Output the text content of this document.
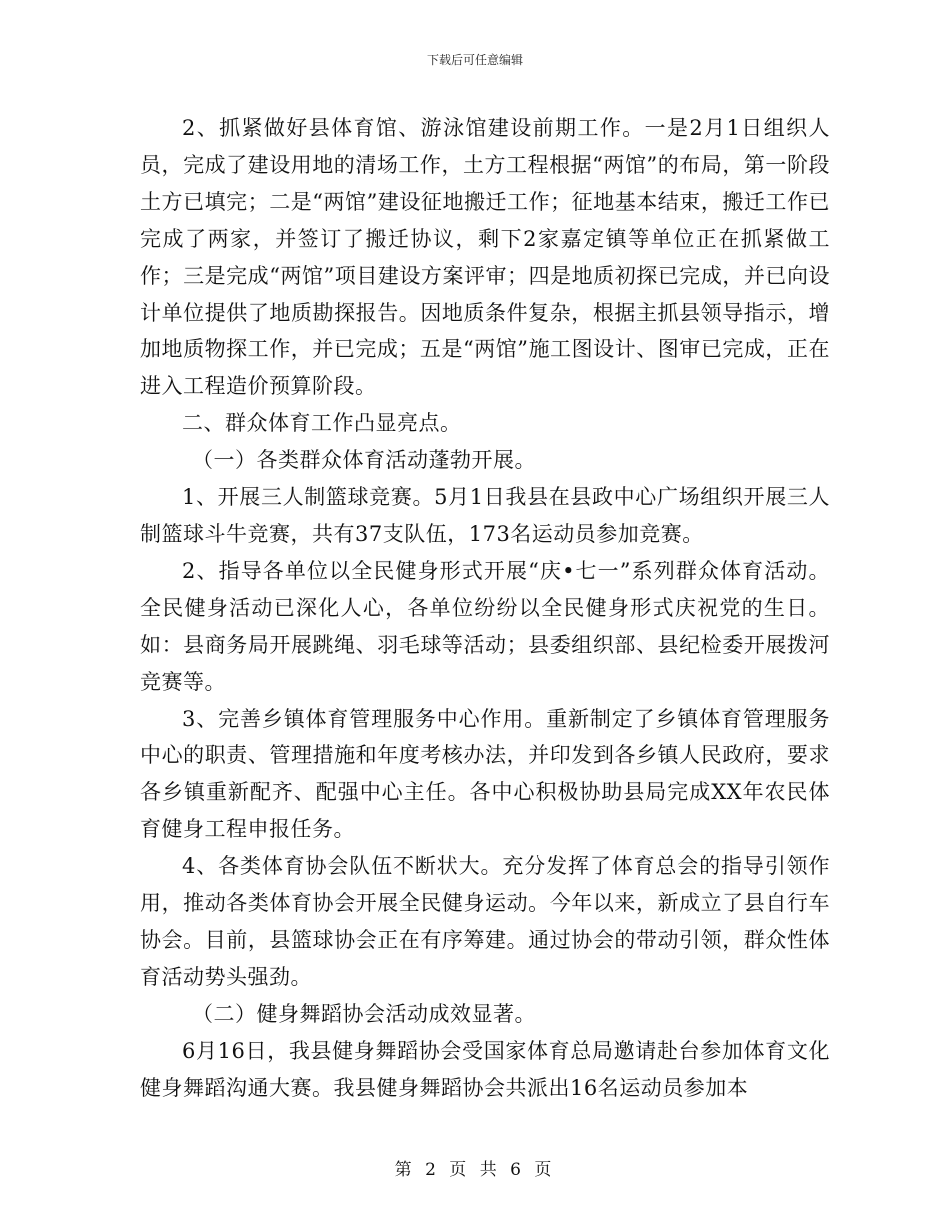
下载后可任意编辑

2、抓紧做好县体育馆、游泳馆建设前期工作。一是2月1日组织人员，完成了建设用地的清场工作，土方工程根据“两馆”的布局，第一阶段土方已填完；二是“两馆”建设征地搬迁工作；征地基本结束，搬迁工作已完成了两家，并签订了搬迁协议，剩下2家嘉定镇等单位正在抓紧做工作；三是完成“两馆”项目建设方案评审；四是地质初探已完成，并已向设计单位提供了地质勘探报告。因地质条件复杂，根据主抓县领导指示，增加地质物探工作，并已完成；五是“两馆”施工图设计、图审已完成，正在进入工程造价预算阶段。

二、群众体育工作凸显亮点。

（一）各类群众体育活动蓬勃开展。

1、开展三人制篮球竞赛。5月1日我县在县政中心广场组织开展三人制篮球斗牛竞赛，共有37支队伍，173名运动员参加竞赛。

2、指导各单位以全民健身形式开展“庆•七一”系列群众体育活动。全民健身活动已深化人心，各单位纷纷以全民健身形式庆祝党的生日。如：县商务局开展跳绳、羽毛球等活动；县委组织部、县纪检委开展拨河竞赛等。

3、完善乡镇体育管理服务中心作用。重新制定了乡镇体育管理服务中心的职责、管理措施和年度考核办法，并印发到各乡镇人民政府，要求各乡镇重新配齐、配强中心主任。各中心积极协助县局完成XX年农民体育健身工程申报任务。

4、各类体育协会队伍不断状大。充分发挥了体育总会的指导引领作用，推动各类体育协会开展全民健身运动。今年以来，新成立了县自行车协会。目前，县篮球协会正在有序筹建。通过协会的带动引领，群众性体育活动势头强劲。

（二）健身舞蹈协会活动成效显著。

6月16日，我县健身舞蹈协会受国家体育总局邀请赴台参加体育文化健身舞蹈沟通大赛。我县健身舞蹈协会共派出16名运动员参加本

第 2 页 共 6 页
